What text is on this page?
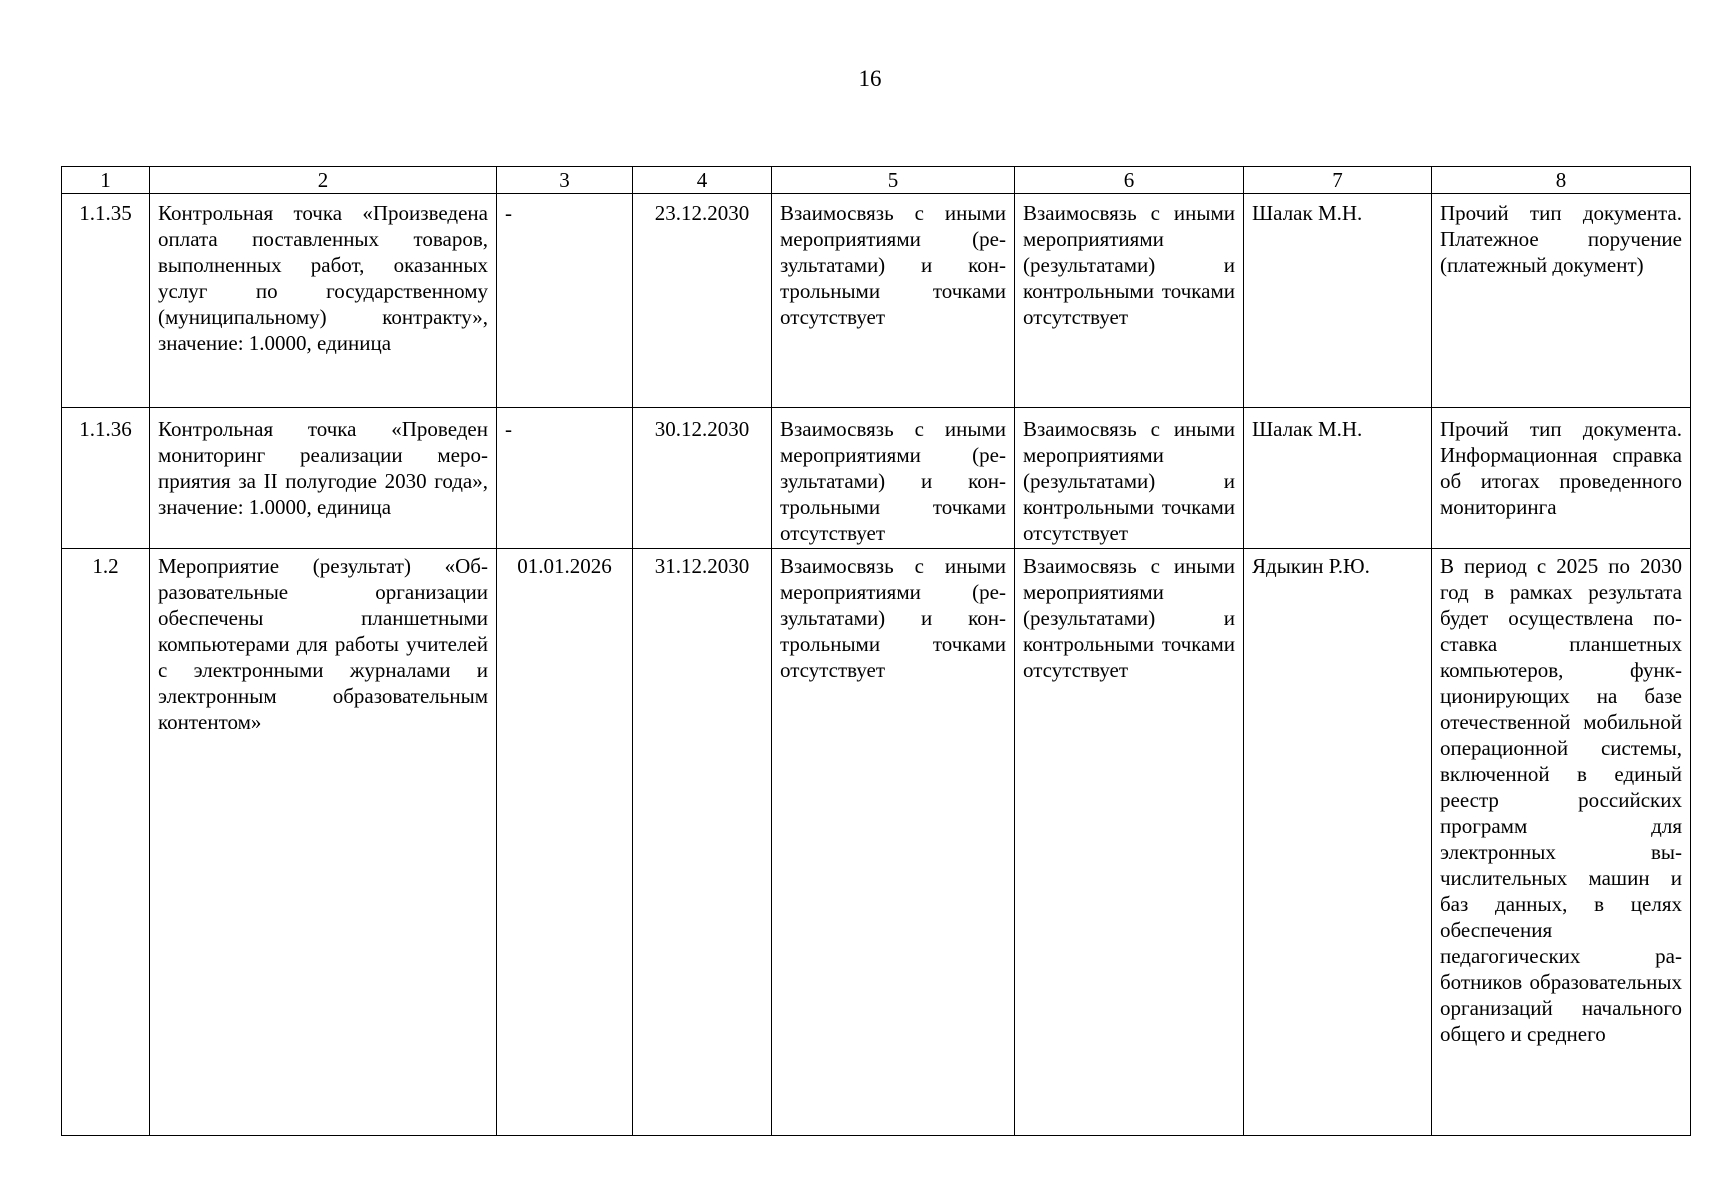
16
1	2	3	4	5	6	7	8
1.1.35	Контрольная точка «Произведена оплата поставленных товаров, выполненных работ, оказанных услуг по государственному (муниципальному) контракту», значение: 1.0000, единица	-	23.12.2030	Взаимосвязь с иными мероприятиями (результатами) и контрольными точками отсутствует	Взаимосвязь с иными мероприятиями (результатами) и контрольными точками отсутствует	Шалак М.Н.	Прочий тип документа. Платежное поручение (платежный документ)
1.1.36	Контрольная точка «Проведен мониторинг реализации мероприятия за II полугодие 2030 года», значение: 1.0000, единица	-	30.12.2030	Взаимосвязь с иными мероприятиями (результатами) и контрольными точками отсутствует	Взаимосвязь с иными мероприятиями (результатами) и контрольными точками отсутствует	Шалак М.Н.	Прочий тип документа. Информационная справка об итогах проведенного мониторинга
1.2	Мероприятие (результат) «Образовательные организации обеспечены планшетными компьютерами для работы учителей с электронными журналами и электронным образовательным контентом»	01.01.2026	31.12.2030	Взаимосвязь с иными мероприятиями (результатами) и контрольными точками отсутствует	Взаимосвязь с иными мероприятиями (результатами) и контрольными точками отсутствует	Ядыкин Р.Ю.	В период с 2025 по 2030 год в рамках результата будет осуществлена поставка планшетных компьютеров, функционирующих на базе отечественной мобильной операционной системы, включенной в единый реестр российских программ для электронных вычислительных машин и баз данных, в целях обеспечения педагогических работников образовательных организаций начального общего и среднего
